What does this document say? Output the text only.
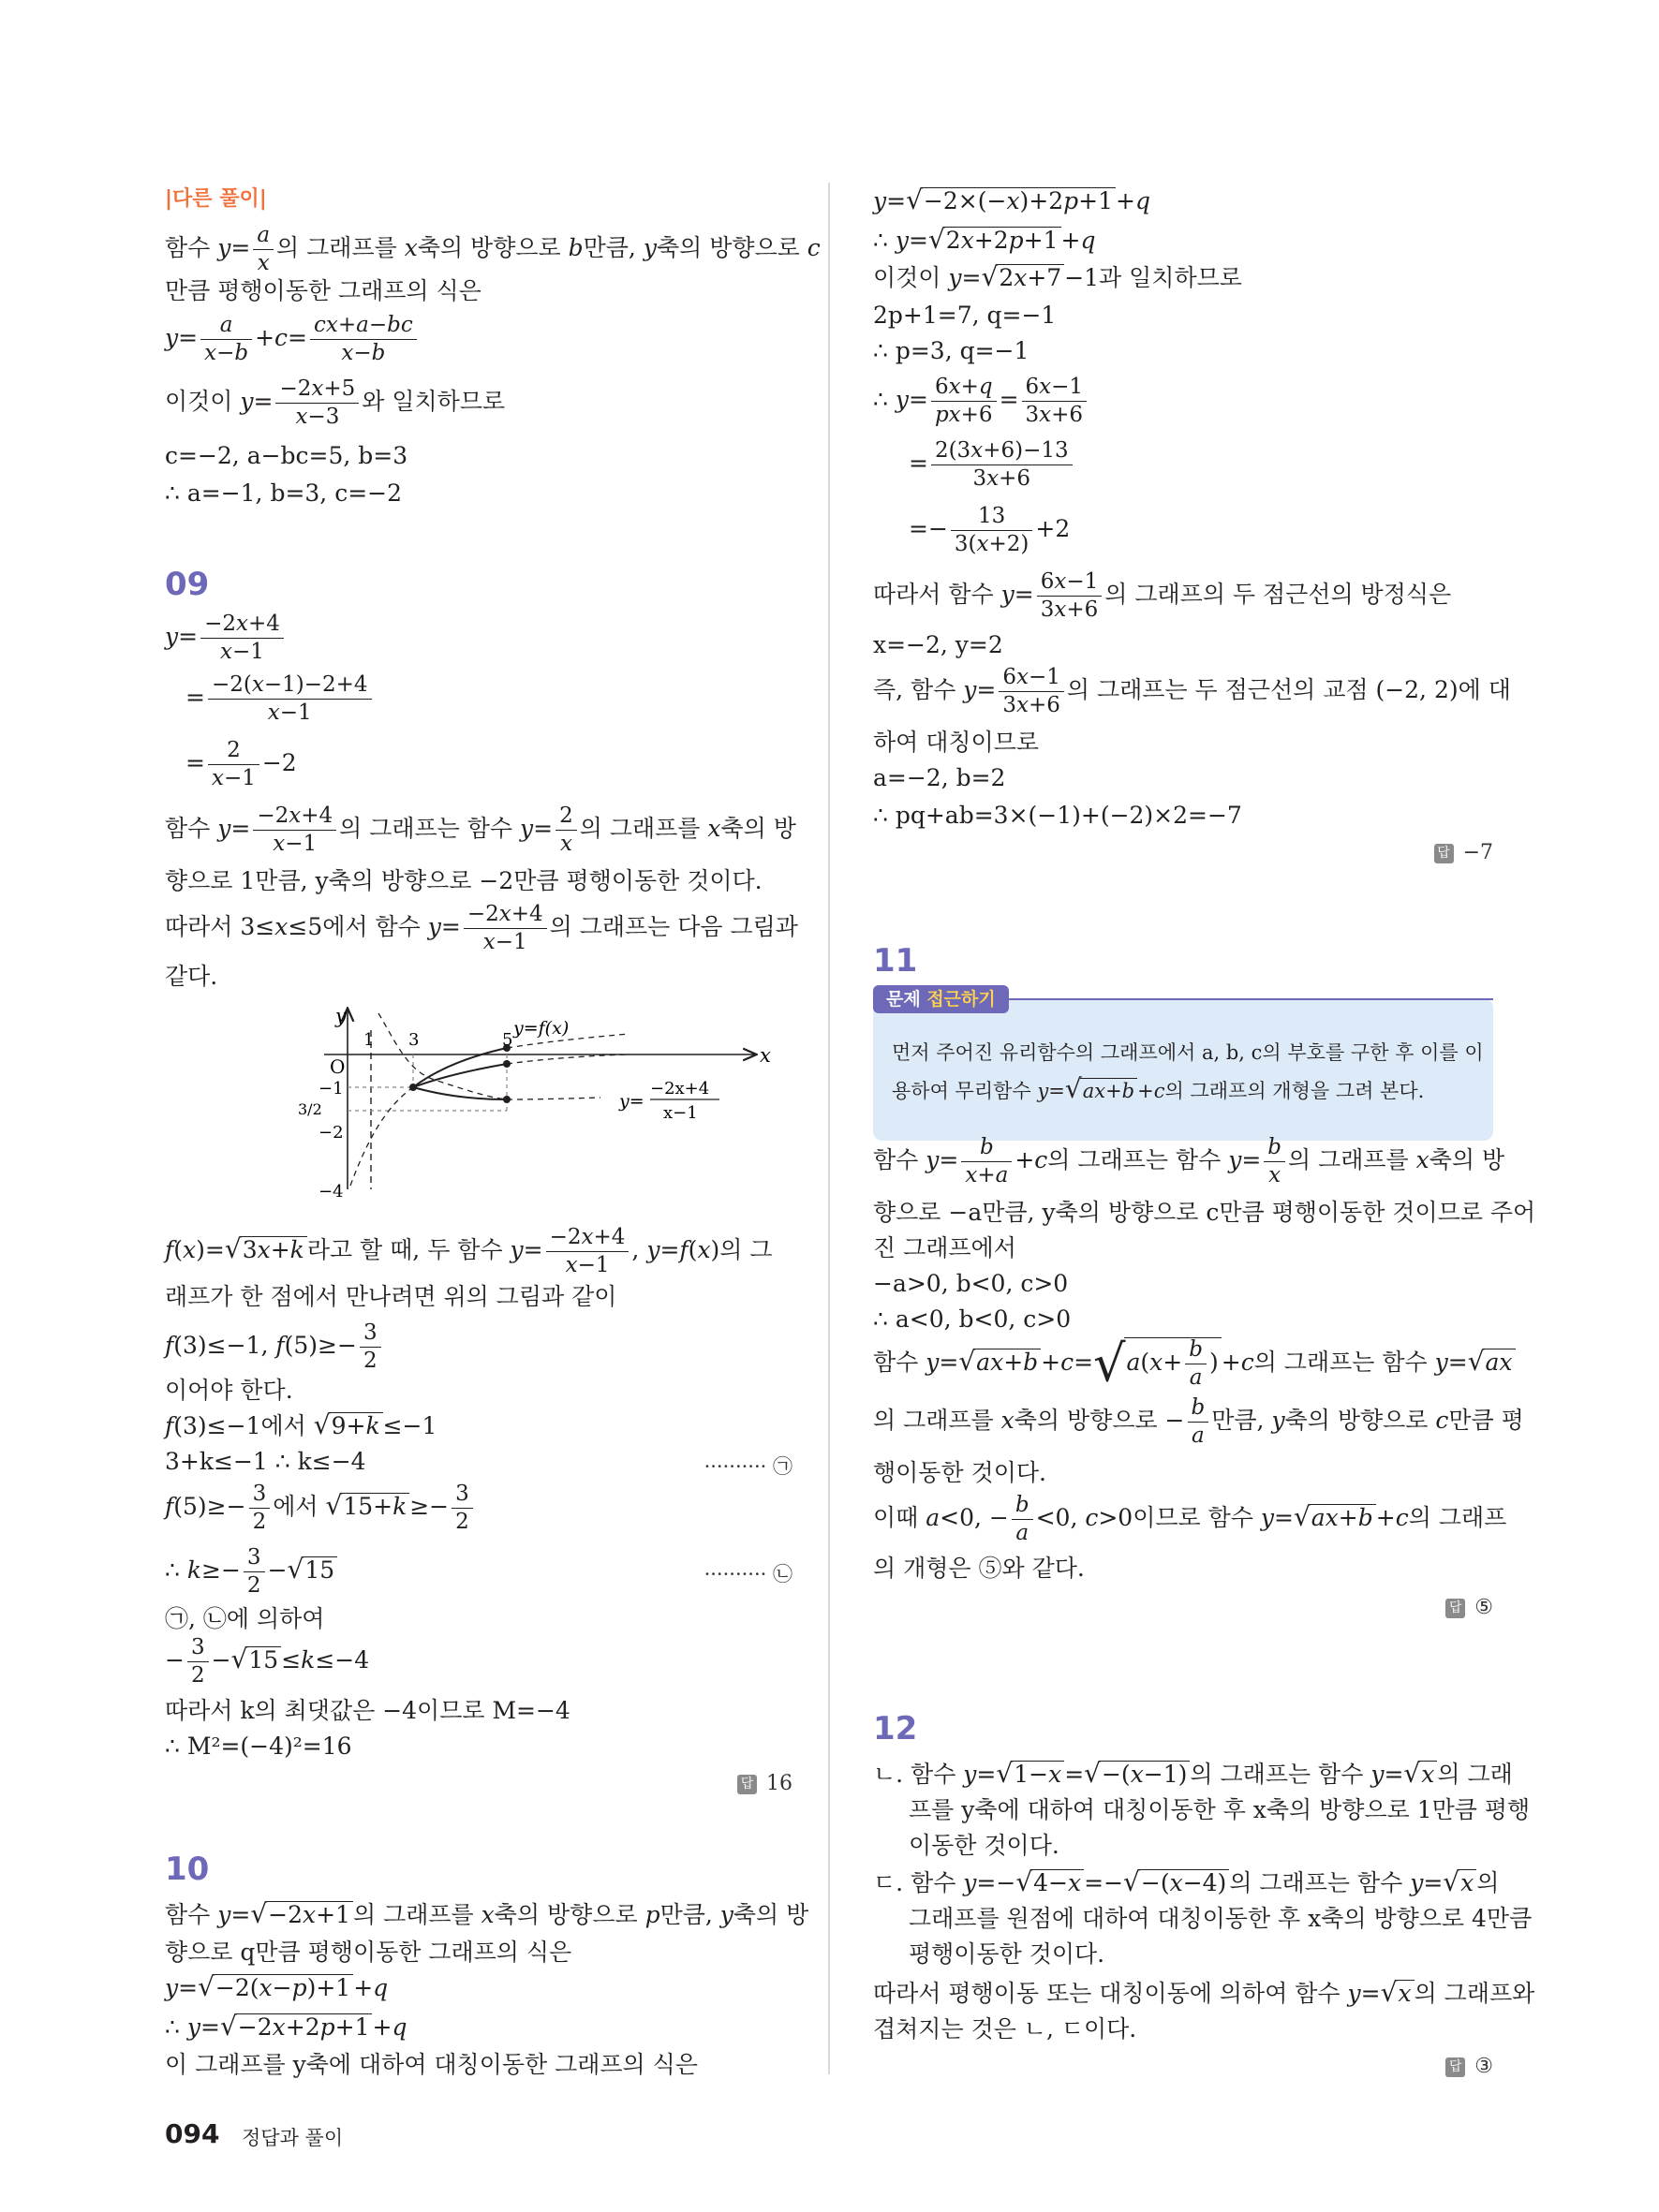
|다른 풀이|
함수 $y= \frac{a}{x}$ 의 그래프를 x축의 방향으로 b만큼, y축의 방향으로 c
만큼 평행이동한 그래프의 식은
$y= \frac{a}{x-b} +c= \frac{cx+a-bc}{x-b}$
이것이 $y= \frac{-2x+5}{x-3}$ 와 일치하므로
c=−2, a−bc=5, b=3
∴ a=−1, b=3, c=−2
09
$y= \frac{-2x+4}{x-1}$
= $\frac{-2(x-1)-2+4}{x-1}$
= $\frac{2}{x-1} -2$
함수 $y= \frac{-2x+4}{x-1}$ 의 그래프는 함수 $y= \frac{2}{x}$ 의 그래프를 x축의 방
향으로 1만큼, y축의 방향으로 −2만큼 평행이동한 것이다.
따라서 3≤x≤5에서 함수 $y= \frac{-2x+4}{x-1}$ 의 그래프는 다음 그림과
같다.
y
x
O
1 3	5
−1
−2
−4
3/2
y=f(x)
y=
−2x+4
x−1
f(x)=√3x+k 라고 할 때, 두 함수 $y= \frac{-2x+4}{x-1}$ , y=f(x)의 그
래프가 한 점에서 만나려면 위의 그림과 같이
f(3)≤−1, $f(5)\ge- \frac{3}{2}$
이어야 한다.
f(3)≤−1에서 √9+k ≤−1
3+k≤−1 ∴ k≤−4	·········· ㉠
$f(5)\ge- \frac{3}{2}$ 에서 $√15+k \ge- \frac{3}{2}$
∴ $k\ge- \frac{3}{2} -√15$	·········· ㉡
㉠, ㉡에 의하여
− $\frac{3}{2} -√15 \le k\le-4$
따라서 k의 최댓값은 −4이므로 M=−4
∴ M²=(−4)²=16
답 16
10
함수 y=√−2x+1 의 그래프를 x축의 방향으로 p만큼, y축의 방
향으로 q만큼 평행이동한 그래프의 식은
y=√−2(x−p)+1 +q
∴ y=√−2x+2p+1 +q
이 그래프를 y축에 대하여 대칭이동한 그래프의 식은
y=√−2×(−x)+2p+1 +q
∴ y=√2x+2p+1 +q
이것이 y=√2x+7 −1과 일치하므로
2p+1=7, q=−1
∴ p=3, q=−1
∴ $y= \frac{6x+q}{px+6} = \frac{6x-1}{3x+6}$
= $\frac{2(3x+6)-13}{3x+6}$
=− $\frac{13}{3(x+2)} +2$
따라서 함수 $y= \frac{6x-1}{3x+6}$ 의 그래프의 두 점근선의 방정식은
x=−2, y=2
즉, 함수 $y= \frac{6x-1}{3x+6}$ 의 그래프는 두 점근선의 교점 (−2, 2)에 대
하여 대칭이므로
a=−2, b=2
∴ pq+ab=3×(−1)+(−2)×2=−7
답 −7
11
문제 접근하기
먼저 주어진 유리함수의 그래프에서 a, b, c의 부호를 구한 후 이를 이
용하여 무리함수 y=√ax+b +c의 그래프의 개형을 그려 본다.
함수 $y= \frac{b}{x+a} +c$의 그래프는 함수 $y= \frac{b}{x}$ 의 그래프를 x축의 방
향으로 −a만큼, y축의 방향으로 c만큼 평행이동한 것이므로 주어
진 그래프에서
−a>0, b<0, c>0
∴ a<0, b<0, c>0
함수 $y=√ax+b +c=√a(x+ \frac{b}{a}$ ) +c의 그래프는 함수 y=√ax
의 그래프를 x축의 방향으로 − $\frac{b}{a}$ 만큼, y축의 방향으로 c만큼 평
행이동한 것이다.
이때 a<0, − $\frac{b}{a} <0$, c>0이므로 함수 y=√ax+b +c의 그래프
의 개형은 ⑤와 같다.
답 ⑤
12
ㄴ. 함수 y=√1−x =√−(x−1) 의 그래프는 함수 y=√x 의 그래
프를 y축에 대하여 대칭이동한 후 x축의 방향으로 1만큼 평행
이동한 것이다.
ㄷ. 함수 y=−√4−x =−√−(x−4) 의 그래프는 함수 y=√x 의
그래프를 원점에 대하여 대칭이동한 후 x축의 방향으로 4만큼
평행이동한 것이다.
따라서 평행이동 또는 대칭이동에 의하여 함수 y=√x 의 그래프와
겹쳐지는 것은 ㄴ, ㄷ이다.
답 ③
094 정답과 풀이
